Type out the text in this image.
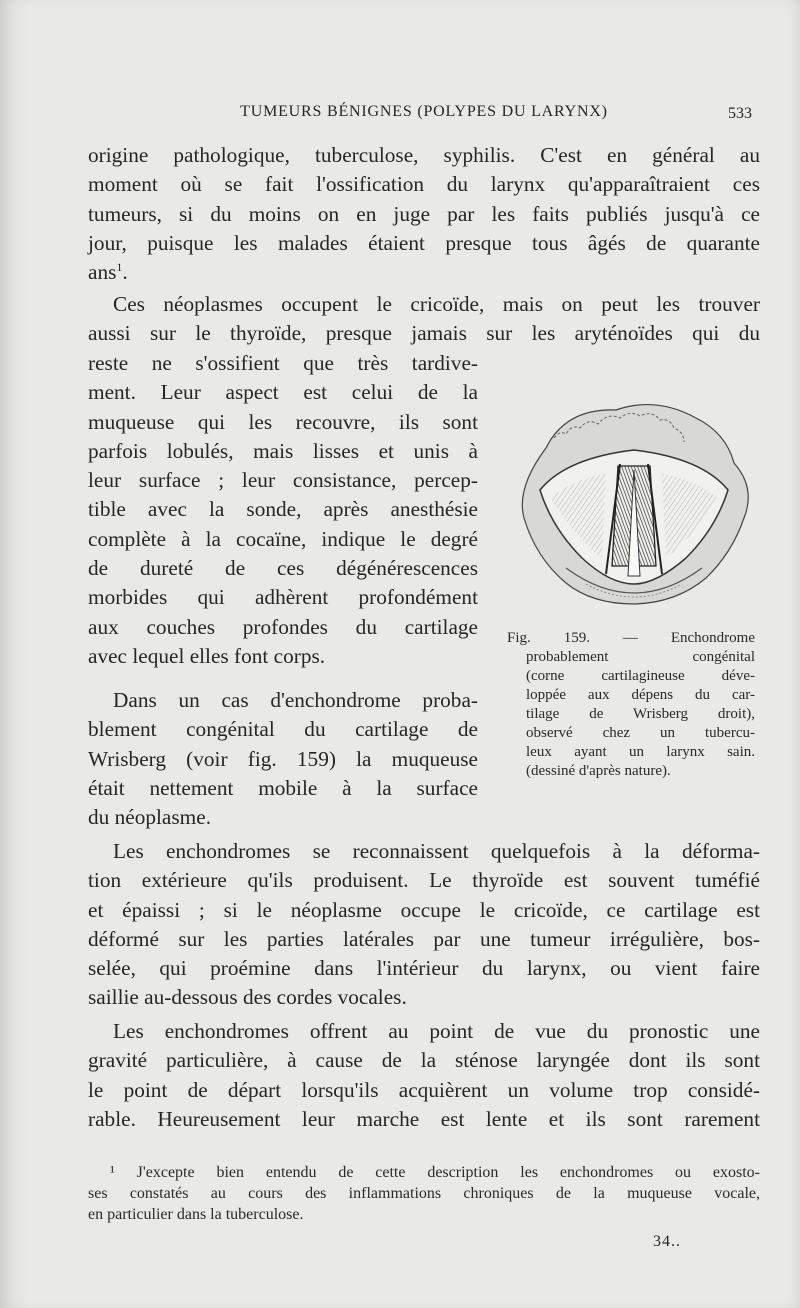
TUMEURS BÉNIGNES (POLYPES DU LARYNX)	533
origine pathologique, tuberculose, syphilis. C'est en général au
moment où se fait l'ossification du larynx qu'apparaîtraient ces
tumeurs, si du moins on en juge par les faits publiés jusqu'à ce
jour, puisque les malades étaient presque tous âgés de quarante
ans$^1$.
Ces néoplasmes occupent le cricoïde, mais on peut les trouver
aussi sur le thyroïde, presque jamais sur les aryténoïdes qui du
reste ne s'ossifient que très tardive-
ment. Leur aspect est celui de la
muqueuse qui les recouvre, ils sont
parfois lobulés, mais lisses et unis à
leur surface ; leur consistance, percep-
tible avec la sonde, après anesthésie
complète à la cocaïne, indique le degré
de dureté de ces dégénérescences
morbides qui adhèrent profondément
aux couches profondes du cartilage
avec lequel elles font corps.
Dans un cas d'enchondrome proba-
blement congénital du cartilage de
Wrisberg (voir fig. 159) la muqueuse
était nettement mobile à la surface
du néoplasme.
Fig. 159. — Enchondrome
probablement congénital
(corne cartilagineuse déve-
loppée aux dépens du car-
tilage de Wrisberg droit),
observé chez un tubercu-
leux ayant un larynx sain.
(dessiné d'après nature).
Les enchondromes se reconnaissent quelquefois à la déforma-
tion extérieure qu'ils produisent. Le thyroïde est souvent tuméfié
et épaissi ; si le néoplasme occupe le cricoïde, ce cartilage est
déformé sur les parties latérales par une tumeur irrégulière, bos-
selée, qui proémine dans l'intérieur du larynx, ou vient faire
saillie au-dessous des cordes vocales.
Les enchondromes offrent au point de vue du pronostic une
gravité particulière, à cause de la sténose laryngée dont ils sont
le point de départ lorsqu'ils acquièrent un volume trop considé-
rable. Heureusement leur marche est lente et ils sont rarement
¹ J'excepte bien entendu de cette description les enchondromes ou exosto-
ses constatés au cours des inflammations chroniques de la muqueuse vocale,
en particulier dans la tuberculose.
34..
